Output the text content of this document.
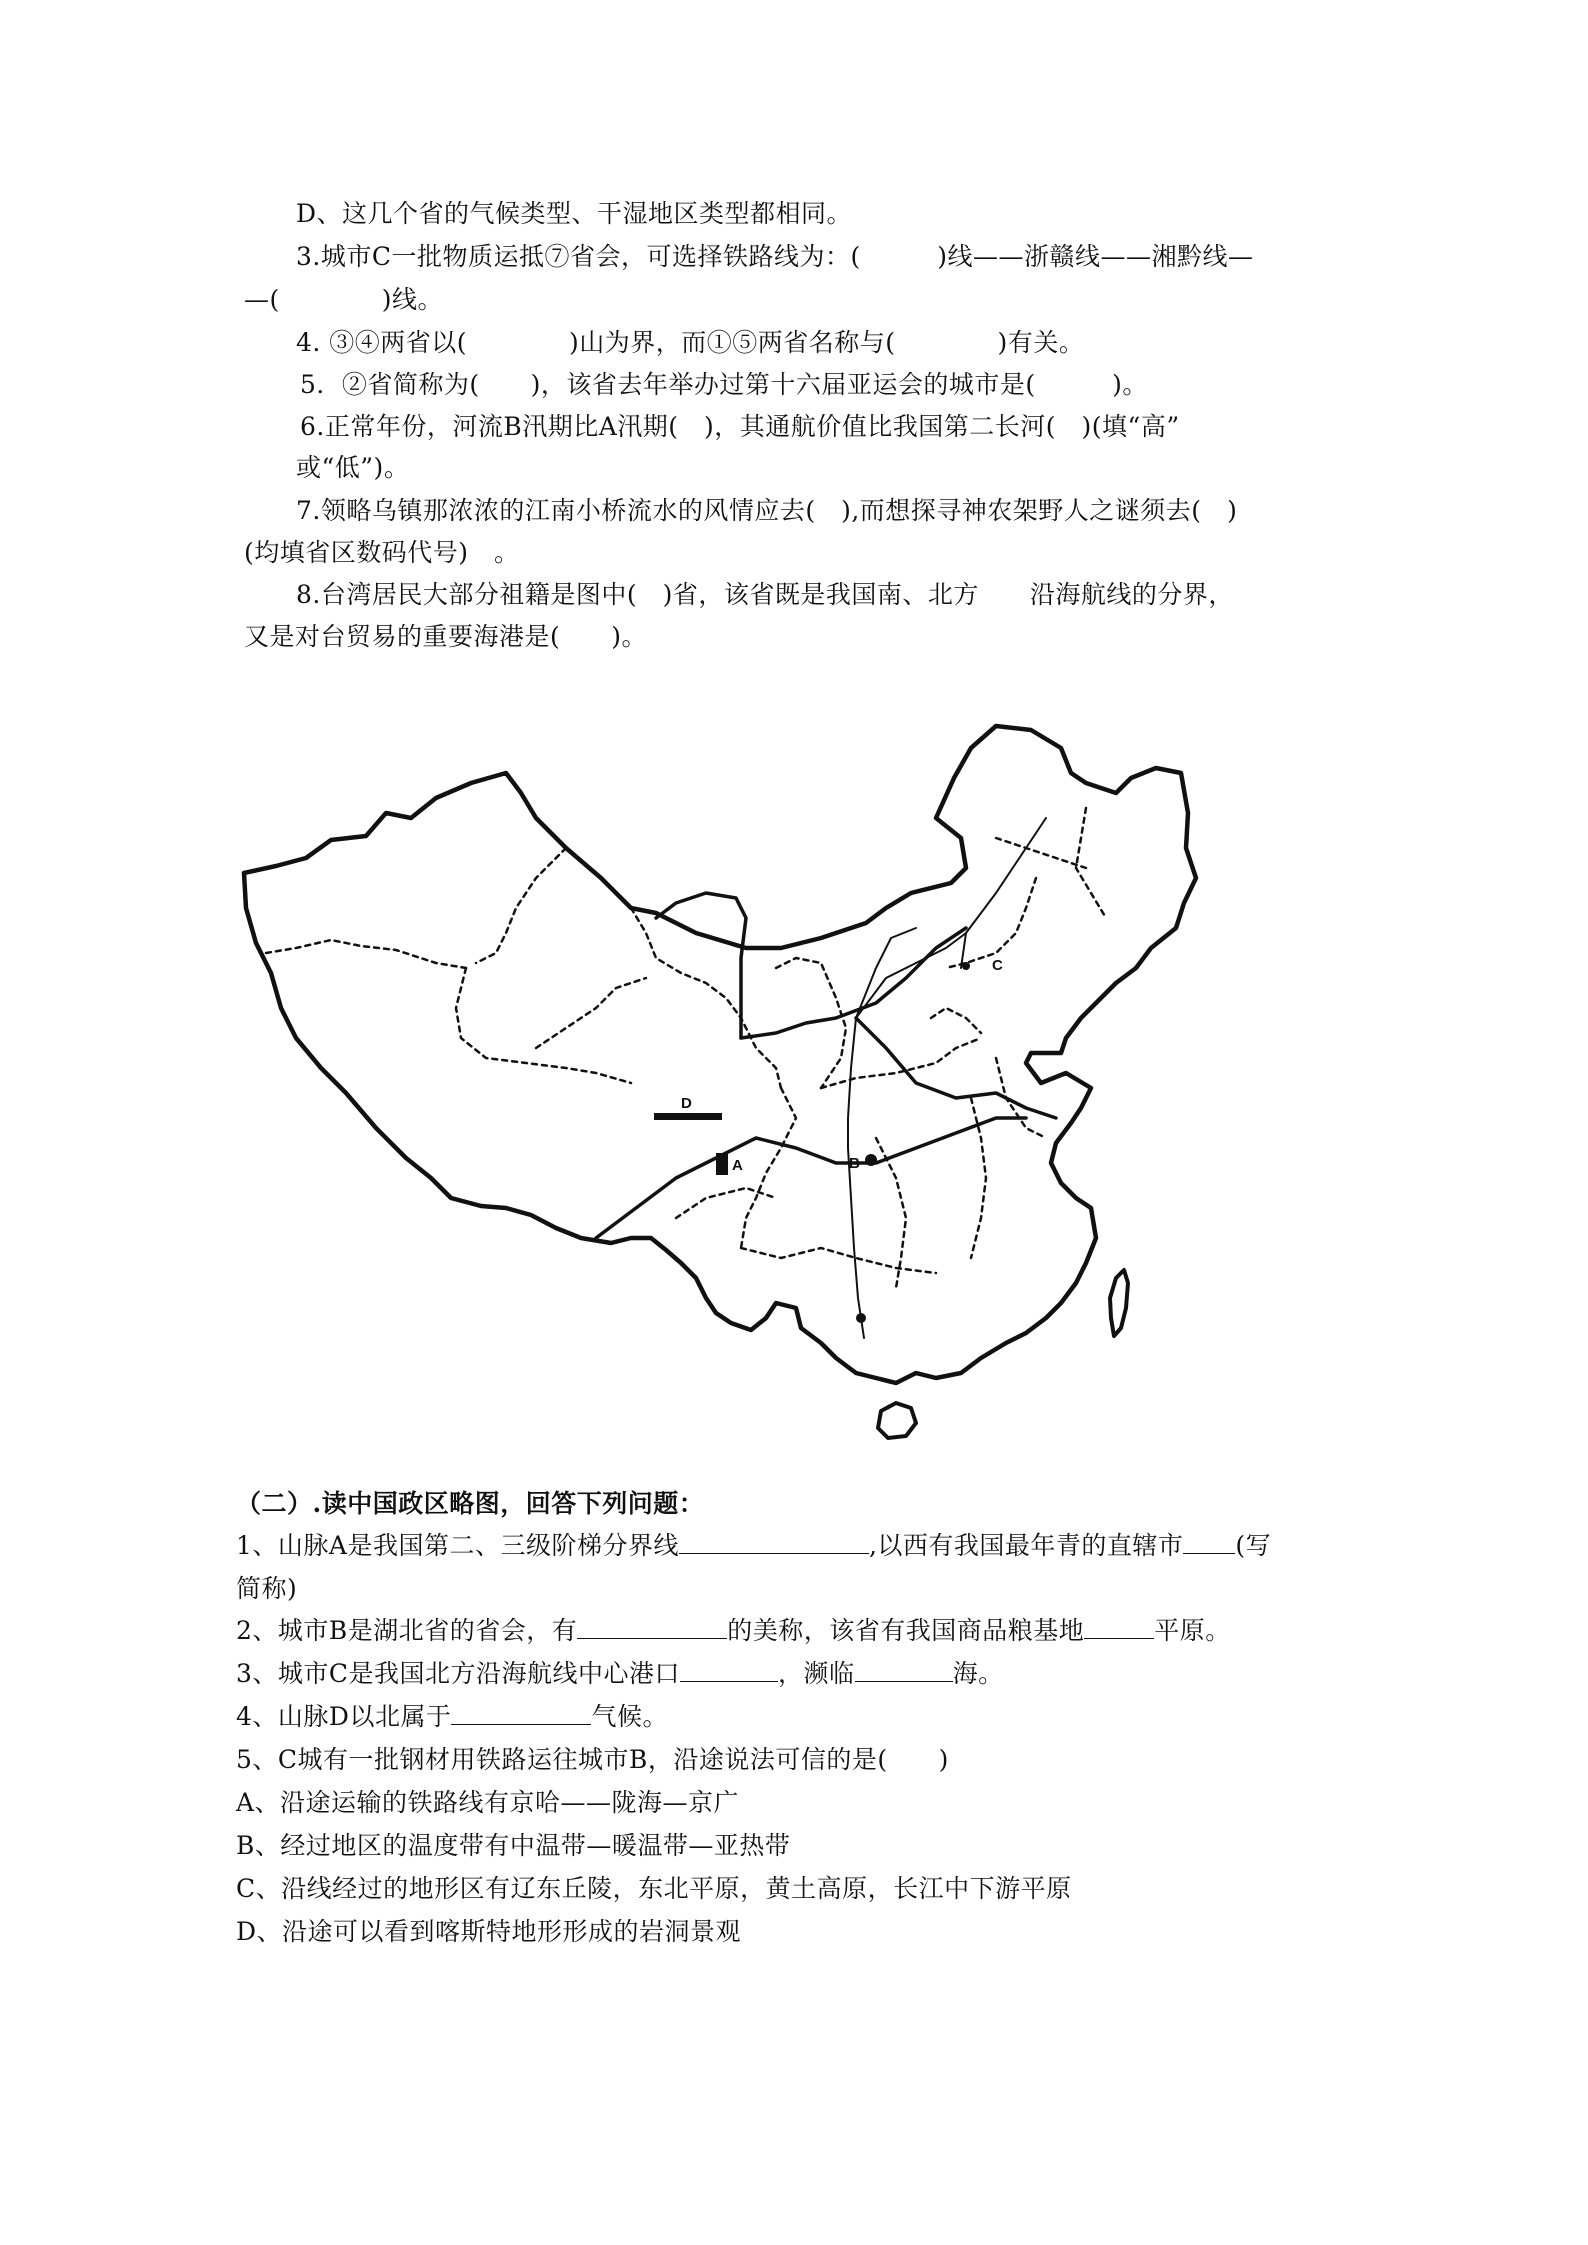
D、这几个省的气候类型、干湿地区类型都相同。
3.城市C一批物质运抵⑦省会，可选择铁路线为：(　　　)线——浙赣线——湘黔线—
—(　　　　)线。
4. ③④两省以(　　　　)山为界，而①⑤两省名称与(　　　　)有关。
5．②省简称为(　　)，该省去年举办过第十六届亚运会的城市是(　　　)。
6.正常年份，河流B汛期比A汛期(　)，其通航价值比我国第二长河(　)(填“高”
或“低”)。
7.领略乌镇那浓浓的江南小桥流水的风情应去(　),而想探寻神农架野人之谜须去(　)
(均填省区数码代号)　。
8.台湾居民大部分祖籍是图中(　)省，该省既是我国南、北方　　沿海航线的分界，
又是对台贸易的重要海港是(　　)。
D
A	B
C
（二）.读中国政区略图，回答下列问题：
1、山脉A是我国第二、三级阶梯分界线	,以西有我国最年青的直辖市 (写
简称)
2、城市B是湖北省的省会，有	的美称，该省有我国商品粮基地	平原。
3、城市C是我国北方沿海航线中心港口	，濒临	海。
4、山脉D以北属于	气候。
5、C城有一批钢材用铁路运往城市B，沿途说法可信的是(　　)
A、沿途运输的铁路线有京哈——陇海—京广
B、经过地区的温度带有中温带—暖温带—亚热带
C、沿线经过的地形区有辽东丘陵，东北平原，黄土高原，长江中下游平原
D、沿途可以看到喀斯特地形形成的岩洞景观
